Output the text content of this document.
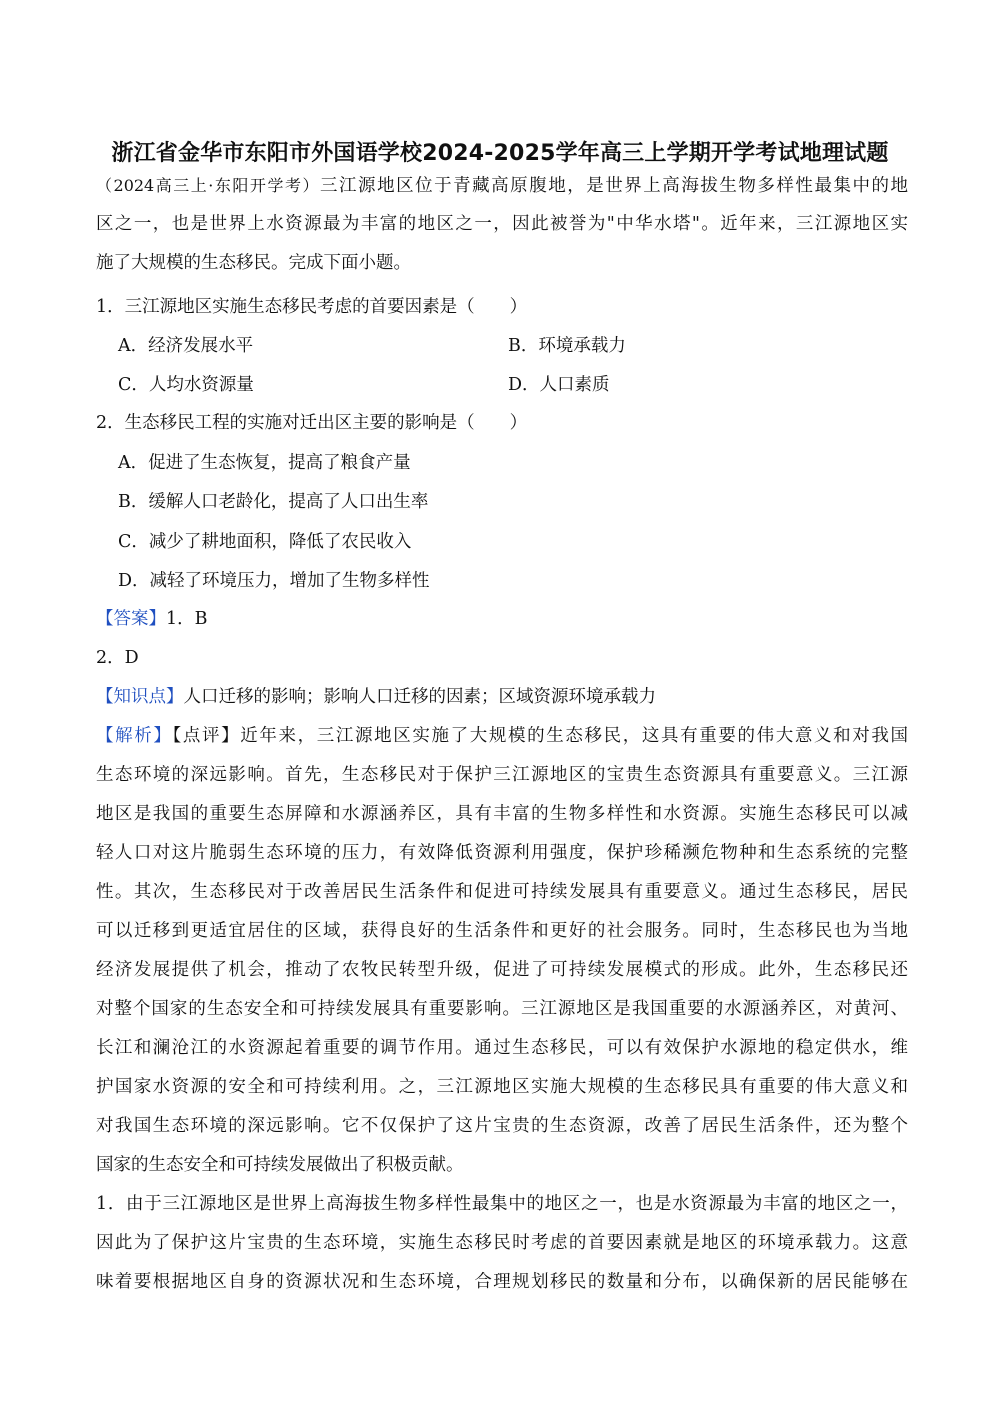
浙江省金华市东阳市外国语学校2024-2025学年高三上学期开学考试地理试题

（2024高三上·东阳开学考）三江源地区位于青藏高原腹地，是世界上高海拔生物多样性最集中的地

区之一，也是世界上水资源最为丰富的地区之一，因此被誉为"中华水塔"。近年来，三江源地区实

施了大规模的生态移民。完成下面小题。

1．三江源地区实施生态移民考虑的首要因素是（　　）

A．经济发展水平	B．环境承载力
C．人均水资源量	D．人口素质

2．生态移民工程的实施对迁出区主要的影响是（　　）

A．促进了生态恢复，提高了粮食产量
B．缓解人口老龄化，提高了人口出生率
C．减少了耕地面积，降低了农民收入
D．减轻了环境压力，增加了生物多样性

【答案】1．B

2．D

【知识点】人口迁移的影响；影响人口迁移的因素；区域资源环境承载力

【解析】【点评】近年来，三江源地区实施了大规模的生态移民，这具有重要的伟大意义和对我国

生态环境的深远影响。首先，生态移民对于保护三江源地区的宝贵生态资源具有重要意义。三江源

地区是我国的重要生态屏障和水源涵养区，具有丰富的生物多样性和水资源。实施生态移民可以减

轻人口对这片脆弱生态环境的压力，有效降低资源利用强度，保护珍稀濒危物种和生态系统的完整

性。其次，生态移民对于改善居民生活条件和促进可持续发展具有重要意义。通过生态移民，居民

可以迁移到更适宜居住的区域，获得良好的生活条件和更好的社会服务。同时，生态移民也为当地

经济发展提供了机会，推动了农牧民转型升级，促进了可持续发展模式的形成。此外，生态移民还

对整个国家的生态安全和可持续发展具有重要影响。三江源地区是我国重要的水源涵养区，对黄河、

长江和澜沧江的水资源起着重要的调节作用。通过生态移民，可以有效保护水源地的稳定供水，维

护国家水资源的安全和可持续利用。之，三江源地区实施大规模的生态移民具有重要的伟大意义和

对我国生态环境的深远影响。它不仅保护了这片宝贵的生态资源，改善了居民生活条件，还为整个

国家的生态安全和可持续发展做出了积极贡献。

1．由于三江源地区是世界上高海拔生物多样性最集中的地区之一，也是水资源最为丰富的地区之一，

因此为了保护这片宝贵的生态环境，实施生态移民时考虑的首要因素就是地区的环境承载力。这意

味着要根据地区自身的资源状况和生态环境，合理规划移民的数量和分布，以确保新的居民能够在
